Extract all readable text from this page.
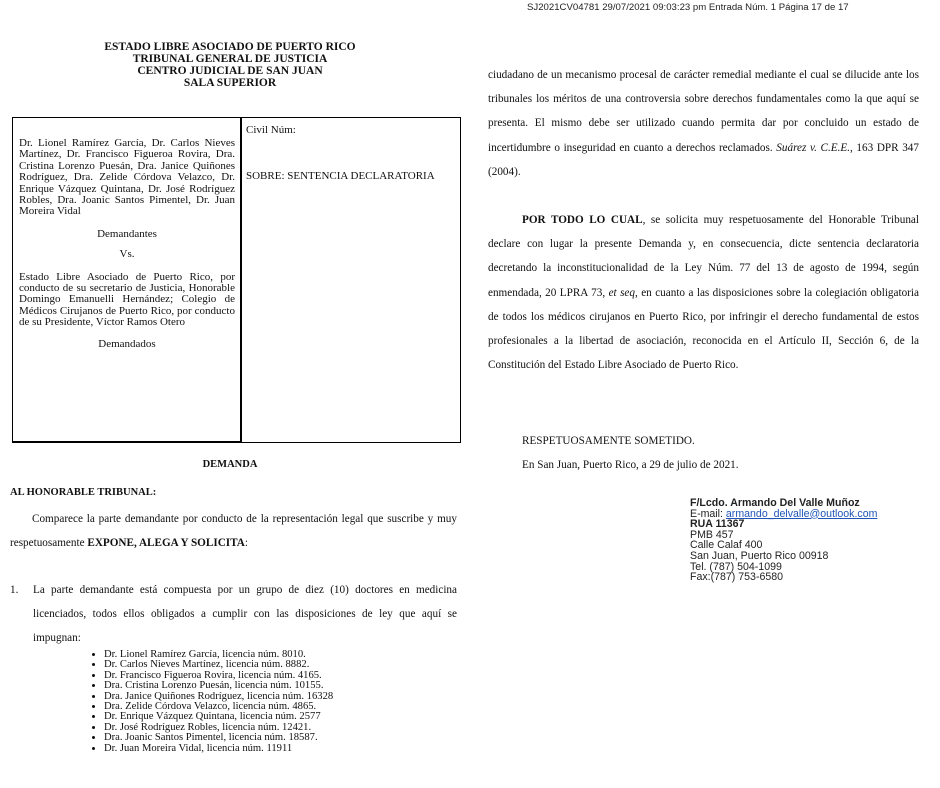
ESTADO LIBRE ASOCIADO DE PUERTO RICO
TRIBUNAL GENERAL DE JUSTICIA
CENTRO JUDICIAL DE SAN JUAN
SALA SUPERIOR

Dr. Lionel Ramírez García, Dr. Carlos Nieves Martínez, Dr. Francisco Figueroa Rovira, Dra. Cristina Lorenzo Puesán, Dra. Janice Quiñones Rodríguez, Dra. Zelide Córdova Velazco, Dr. Enrique Vázquez Quintana, Dr. José Rodríguez Robles, Dra. Joanic Santos Pimentel, Dr. Juan Moreira Vidal

Demandantes

Vs.

Estado Libre Asociado de Puerto Rico, por conducto de su secretario de Justicia, Honorable Domingo Emanuelli Hernández; Colegio de Médicos Cirujanos de Puerto Rico, por conducto de su Presidente, Víctor Ramos Otero

Demandados

Civil Núm:

SOBRE: SENTENCIA DECLARATORIA

DEMANDA
AL HONORABLE TRIBUNAL:
Comparece la parte demandante por conducto de la representación legal que suscribe y muy respetuosamente EXPONE, ALEGA Y SOLICITA:
1. La parte demandante está compuesta por un grupo de diez (10) doctores en medicina licenciados, todos ellos obligados a cumplir con las disposiciones de ley que aquí se impugnan:
• Dr. Lionel Ramírez García, licencia núm. 8010.
• Dr. Carlos Nieves Martínez, licencia núm. 8882.
• Dr. Francisco Figueroa Rovira, licencia núm. 4165.
• Dra. Cristina Lorenzo Puesán, licencia núm. 10155.
• Dra. Janice Quiñones Rodríguez, licencia núm. 16328
• Dra. Zelide Córdova Velazco, licencia núm. 4865.
• Dr. Enrique Vázquez Quintana, licencia núm. 2577
• Dr. José Rodríguez Robles, licencia núm. 12421.
• Dra. Joanic Santos Pimentel, licencia núm. 18587.
• Dr. Juan Moreira Vidal, licencia núm. 11911
SJ2021CV04781 29/07/2021 09:03:23 pm Entrada Núm. 1 Página 17 de 17
ciudadano de un mecanismo procesal de carácter remedial mediante el cual se dilucide ante los tribunales los méritos de una controversia sobre derechos fundamentales como la que aquí se presenta. El mismo debe ser utilizado cuando permita dar por concluido un estado de incertidumbre o inseguridad en cuanto a derechos reclamados. Suárez v. C.E.E., 163 DPR 347 (2004).
POR TODO LO CUAL, se solicita muy respetuosamente del Honorable Tribunal declare con lugar la presente Demanda y, en consecuencia, dicte sentencia declaratoria decretando la inconstitucionalidad de la Ley Núm. 77 del 13 de agosto de 1994, según enmendada, 20 LPRA 73, et seq, en cuanto a las disposiciones sobre la colegiación obligatoria de todos los médicos cirujanos en Puerto Rico, por infringir el derecho fundamental de estos profesionales a la libertad de asociación, reconocida en el Artículo II, Sección 6, de la Constitución del Estado Libre Asociado de Puerto Rico.
RESPETUOSAMENTE SOMETIDO.
En San Juan, Puerto Rico, a 29 de julio de 2021.
F/Lcdo. Armando Del Valle Muñoz
E-mail: armando_delvalle@outlook.com
RUA 11367
PMB 457
Calle Calaf 400
San Juan, Puerto Rico 00918
Tel. (787) 504-1099
Fax:(787) 753-6580
